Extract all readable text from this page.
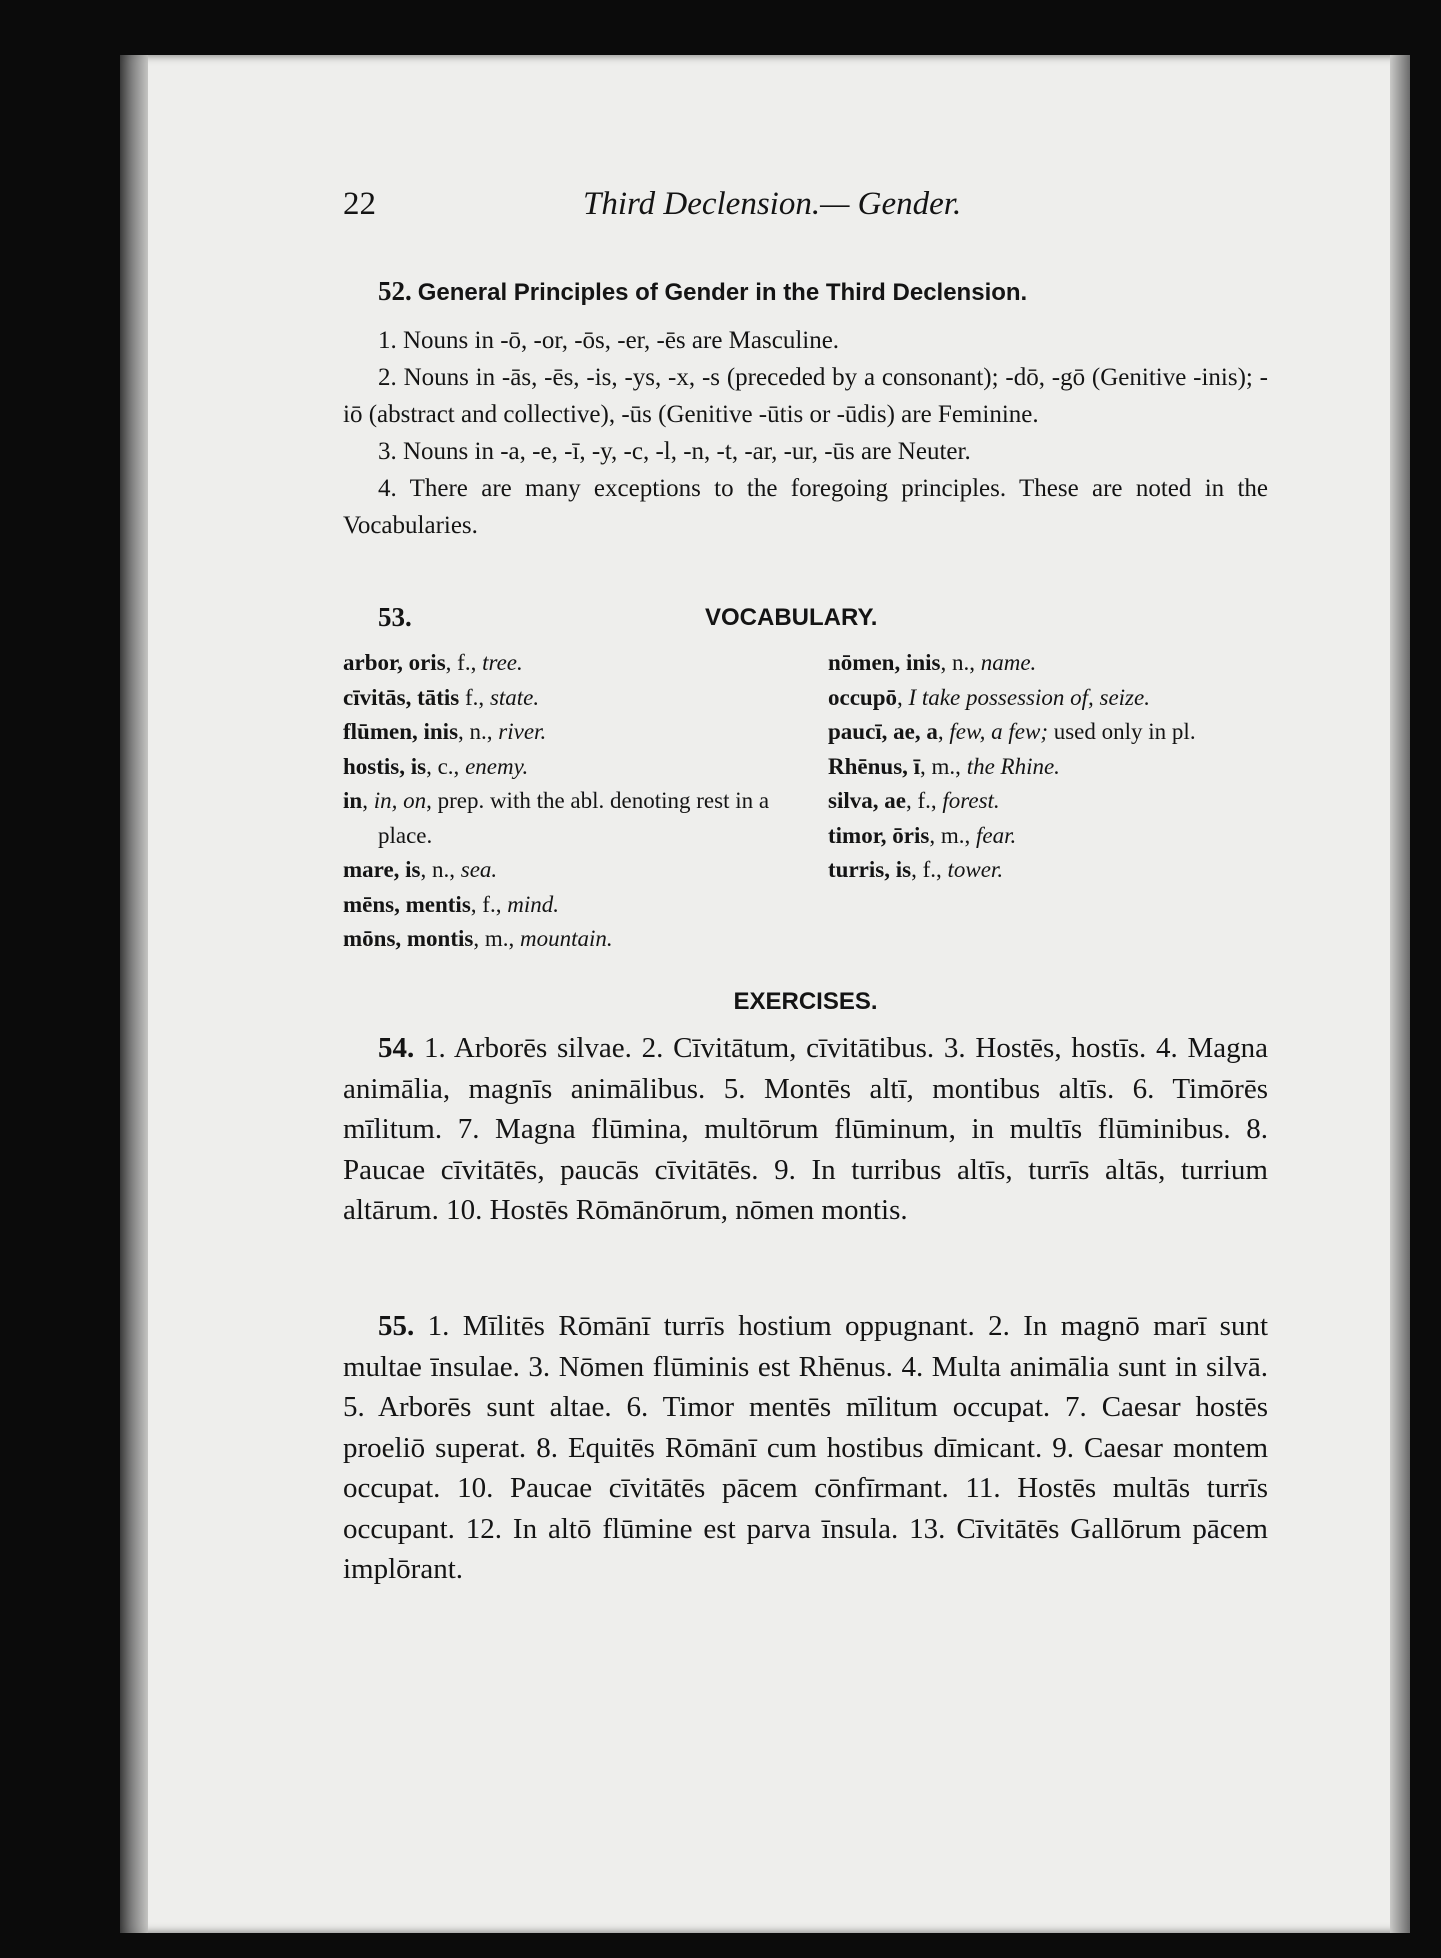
22	Third Declension.— Gender.
52. General Principles of Gender in the Third Declension.

1. Nouns in -ō, -or, -ōs, -er, -ēs are Masculine.

2. Nouns in -ās, -ēs, -is, -ys, -x, -s (preceded by a consonant); -dō, -gō (Genitive -inis); -iō (abstract and collective), -ūs (Genitive -ūtis or -ūdis) are Feminine.

3. Nouns in -a, -e, -ī, -y, -c, -l, -n, -t, -ar, -ur, -ūs are Neuter.

4. There are many exceptions to the foregoing principles. These are noted in the Vocabularies.

53.	VOCABULARY.
arbor, oris, f., tree.
cīvitās, tātis f., state.
flūmen, inis, n., river.
hostis, is, c., enemy.
in, in, on, prep. with the abl. denoting rest in a place.
mare, is, n., sea.
mēns, mentis, f., mind.
mōns, montis, m., mountain.
nōmen, inis, n., name.
occupō, I take possession of, seize.
paucī, ae, a, few, a few; used only in pl.
Rhēnus, ī, m., the Rhine.
silva, ae, f., forest.
timor, ōris, m., fear.
turris, is, f., tower.
EXERCISES.

54. 1. Arborēs silvae. 2. Cīvitātum, cīvitātibus. 3. Hostēs, hostīs. 4. Magna animālia, magnīs animālibus. 5. Montēs altī, montibus altīs. 6. Timōrēs mīlitum. 7. Magna flūmina, multōrum flūminum, in multīs flūminibus. 8. Paucae cīvitātēs, paucās cīvitātēs. 9. In turribus altīs, turrīs altās, turrium altārum. 10. Hostēs Rōmānōrum, nōmen montis.

55. 1. Mīlitēs Rōmānī turrīs hostium oppugnant. 2. In magnō marī sunt multae īnsulae. 3. Nōmen flūminis est Rhēnus. 4. Multa animālia sunt in silvā. 5. Arborēs sunt altae. 6. Timor mentēs mīlitum occupat. 7. Caesar hostēs proeliō superat. 8. Equitēs Rōmānī cum hostibus dīmicant. 9. Caesar montem occupat. 10. Paucae cīvitātēs pācem cōnfīrmant. 11. Hostēs multās turrīs occupant. 12. In altō flūmine est parva īnsula. 13. Cīvitātēs Gallōrum pācem implōrant.
